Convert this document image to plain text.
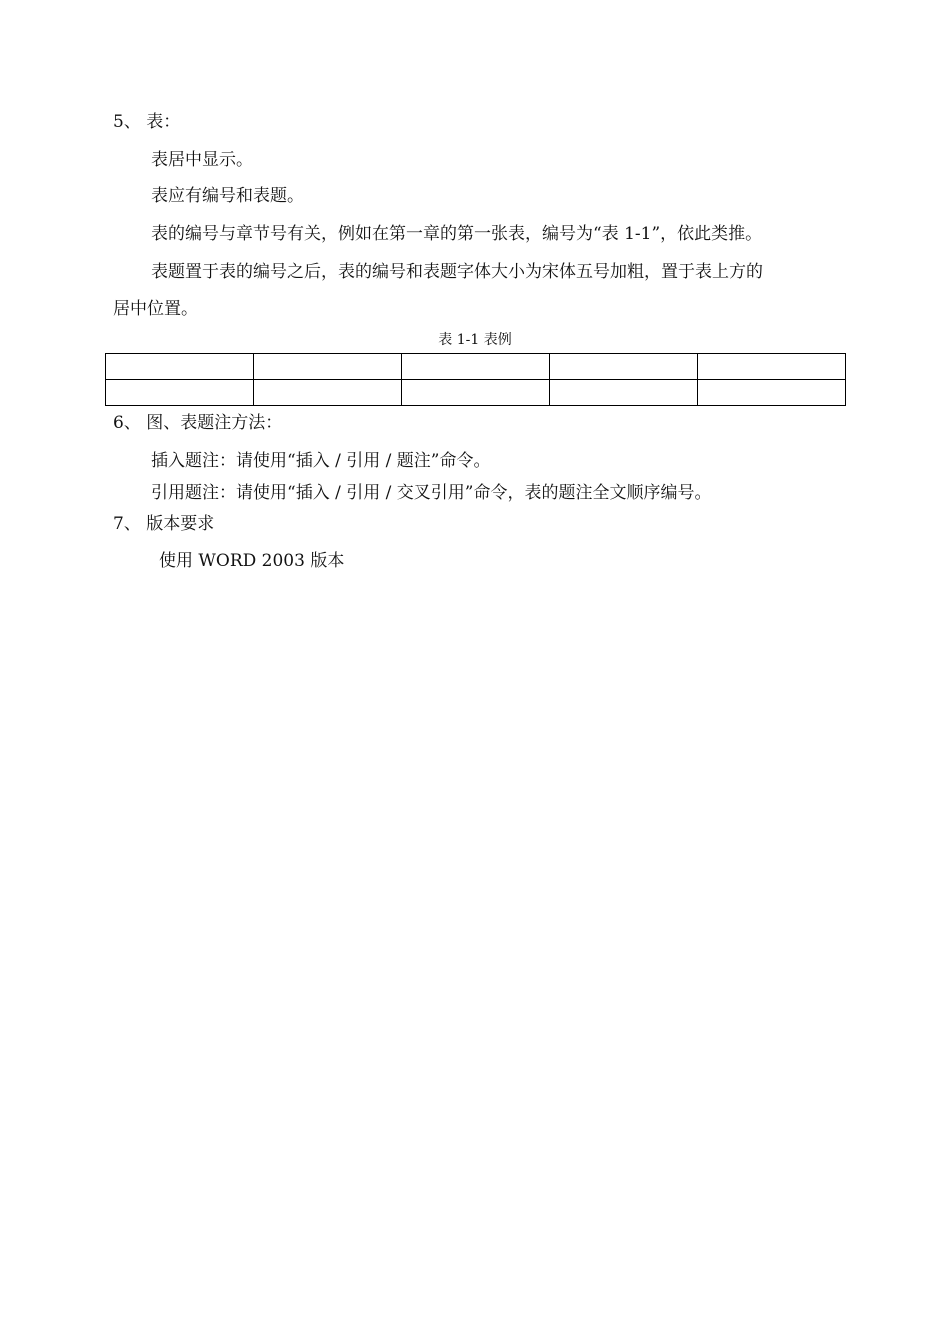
5、 表：
表居中显示。
表应有编号和表题。
表的编号与章节号有关，例如在第一章的第一张表，编号为“表 1-1”，依此类推。
表题置于表的编号之后，表的编号和表题字体大小为宋体五号加粗，置于表上方的
居中位置。
表 1-1 表例

6、 图、表题注方法：
插入题注：请使用“插入 / 引用 / 题注”命令。
引用题注：请使用“插入 / 引用 / 交叉引用”命令，表的题注全文顺序编号。
7、 版本要求
使用 WORD 2003 版本
